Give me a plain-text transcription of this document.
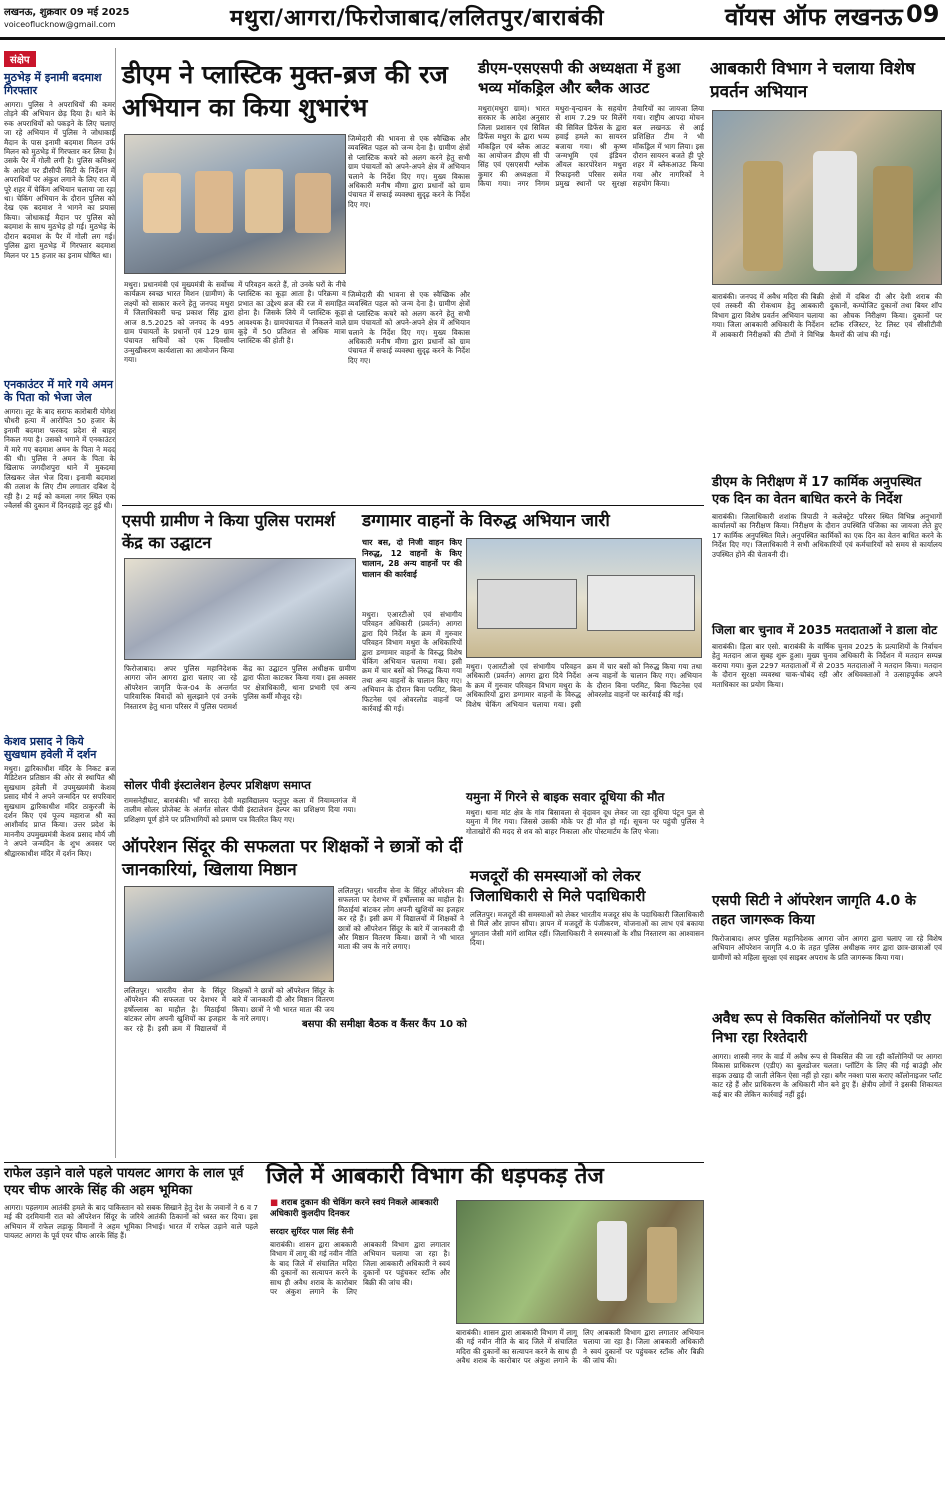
लखनऊ, शुक्रवार 09 मई 2025
voiceoflucknow@gmail.com	मथुरा/आगरा/फिरोजाबाद/ललितपुर/बाराबंकी	वॉयस ऑफ लखनऊ 09
संक्षेप
मुठभेड़ में इनामी बदमाश गिरफ्तार
आगरा। पुलिस ने अपराधियों की कमर तोड़ने की अभियान छेड़ दिया है। थाने के रुक अपराधियों को पकड़ने के लिए चलाए जा रहे अभियान में पुलिस ने जोधाकाई मैदान के पास इनामी बदमाश मिलन उर्फ मिलन को मुठभेड़ में गिरफ्तार कर लिया है। उसके पैर में गोली लगी है। पुलिस कमिश्नर के आदेश पर डीसीपी सिटी के निर्देशन में अपराधियों पर अंकुश लगाने के लिए रात में पूरे शहर में चेकिंग अभियान चलाया जा रहा था। चेकिंग अभियान के दौरान पुलिस को देख एक बदमाश ने भागने का प्रयास किया। जोधाकाई मैदान पर पुलिस को बदमाश के साथ मुठभेड़ हो गई। मुठभेड़ के दौरान बदमाश के पैर में गोली लग गई। पुलिस द्वारा मुठभेड़ में गिरफ्तार बदमाश मिलन पर 15 हजार का इनाम घोषित था।
एनकाउंटर में मारे गये अमन के पिता को भेजा जेल
आगरा। लूट के बाद सराफ कारोबारी योगेश चौधरी हत्या में आरोपित 50 हजार के इनामी बदमाश फरकद प्रदेश से बाहर निकल गया है। उसको भगाने में एनकाउंटर में मारे गए बदमाश अमन के पिता ने मदद की थी। पुलिस ने अमन के पिता के खिलाफ जगदीशपुरा थाने में मुकदमा लिखकर जेल भेज दिया। इनामी बदमाश की तलाश के लिए टीम लगातार दबिश दे रही है। 2 मई को कमला नगर स्थित एक ज्वैलर्स की दुकान में दिनदहाड़े लूट हुई थी।
केशव प्रसाद ने किये सुखधाम हवेली में दर्शन
मथुरा। द्वारिकाधीश मंदिर के निकट ब्रज मैडिटेशन प्रतिष्ठान की ओर से स्थापित श्री सुखधाम हवेली में उपमुख्यमंत्री केशव प्रसाद मौर्य ने अपने जन्मदिन पर सपरिवार सुखधाम द्वारिकाधीश मंदिर ठाकुरजी के दर्शन किए एवं पूज्य महाराज श्री का आशीर्वाद प्राप्त किया। उत्तर प्रदेश के माननीय उपमुख्यमंत्री केशव प्रसाद मौर्य जी ने अपने जन्मदिन के शुभ अवसर पर श्रीद्वारकाधीश मंदिर में दर्शन किए।
डीएम ने प्लास्टिक मुक्त-ब्रज की रज अभियान का किया शुभारंभ
जिम्मेदारी की भावना से एक स्वैच्छिक और व्यवस्थित पहल को जन्म देना है। ग्रामीण क्षेत्रों से प्लास्टिक कचरे को अलग करने हेतु सभी ग्राम पंचायतों को अपने-अपने क्षेत्र में अभियान चलाने के निर्देश दिए गए। मुख्य विकास अधिकारी मनीष मीणा द्वारा प्रधानों को ग्राम पंचायत में सफाई व्यवस्था सुदृढ़ करने के निर्देश दिए गए।
मथुरा। प्रधानमंत्री एवं मुख्यमंत्री के सर्वोच्च कार्यक्रम स्वच्छ भारत मिशन (ग्रामीण) के लक्ष्यों को साकार करने हेतु जनपद मथुरा में जिलाधिकारी चन्द्र प्रकाश सिंह द्वारा आज 8.5.2025 को जनपद के 495 ग्राम पंचायतों के प्रधानों एवं 129 ग्राम पंचायत सचिवों को एक दिवसीय उन्मुखीकरण कार्यशाला का आयोजन किया गया।
में परिवहन करते हैं, तो उनके घरों के नीचे प्लास्टिक का कूड़ा आता है। परिक्रमा व प्रभात का उद्देश्य ब्रज की रज में समाहित होना है। जिसके लिये में प्लास्टिक कूड़ा आवश्यक है। ग्रामपंचायत में निकलने वाले कूड़े में 50 प्रतिशत से अधिक मात्रा प्लास्टिक की होती है।
जिम्मेदारी की भावना से एक स्वैच्छिक और व्यवस्थित पहल को जन्म देना है। ग्रामीण क्षेत्रों से प्लास्टिक कचरे को अलग करने हेतु सभी ग्राम पंचायतों को अपने-अपने क्षेत्र में अभियान चलाने के निर्देश दिए गए। मुख्य विकास अधिकारी मनीष मीणा द्वारा प्रधानों को ग्राम पंचायत में सफाई व्यवस्था सुदृढ़ करने के निर्देश दिए गए।
डीएम-एसएसपी की अध्यक्षता में हुआ भव्य मॉकड्रिल और ब्लैक आउट
मथुरा(मथुरा ग्राम)। भारत सरकार के आदेश अनुसार जिला प्रशासन एवं सिविल डिफेंस मथुरा के द्वारा भव्य मॉकड्रिल एवं ब्लैक आउट का आयोजन डीएम सी पी सिंह एवं एसएसपी श्लोक कुमार की अध्यक्षता में किया गया। नगर निगम मथुरा-वृन्दावन के सहयोग से शाम 7.29 पर मिलेंगे की सिविल डिफेंस के द्वारा हवाई हमले का सायरन बजाया गया। श्री कृष्ण जन्मभूमि एवं इंडियन ऑयल कारपोरेशन मथुरा रिफाइनरी परिसर समेत प्रमुख स्थानों पर सुरक्षा तैयारियों का जायजा लिया गया। राष्ट्रीय आपदा मोचन बल लखनऊ से आई प्रशिक्षित टीम ने भी मॉकड्रिल में भाग लिया। इस दौरान सायरन बजते ही पूरे शहर में ब्लैकआउट किया गया और नागरिकों ने सहयोग किया।
आबकारी विभाग ने चलाया विशेष प्रवर्तन अभियान
बाराबंकी। जनपद में अवैध मदिरा की बिक्री एवं तस्करी की रोकथाम हेतु आबकारी विभाग द्वारा विशेष प्रवर्तन अभियान चलाया गया। जिला आबकारी अधिकारी के निर्देशन में आबकारी निरीक्षकों की टीमों ने विभिन्न क्षेत्रों में दबिश दी और देशी शराब की दुकानों, कम्पोजिट दुकानों तथा बियर शॉप का औचक निरीक्षण किया। दुकानों पर स्टॉक रजिस्टर, रेट लिस्ट एवं सीसीटीवी कैमरों की जांच की गई।
डीएम के निरीक्षण में 17 कार्मिक अनुपस्थित एक दिन का वेतन बाधित करने के निर्देश
बाराबंकी। जिलाधिकारी शशांक त्रिपाठी ने कलेक्ट्रेट परिसर स्थित विभिन्न अनुभागों कार्यालयों का निरीक्षण किया। निरीक्षण के दौरान उपस्थिति पंजिका का जायजा लेते हुए 17 कार्मिक अनुपस्थित मिले। अनुपस्थित कार्मिकों का एक दिन का वेतन बाधित करने के निर्देश दिए गए। जिलाधिकारी ने सभी अधिकारियों एवं कर्मचारियों को समय से कार्यालय उपस्थित होने की चेतावनी दी।
जिला बार चुनाव में 2035 मतदाताओं ने डाला वोट
बाराबंकी। ड़िला बार एसो. बाराबंकी के वार्षिक चुनाव 2025 के प्रत्याशियों के निर्वाचन हेतु मतदान आज सुबह शुरू हुआ। मुख्य चुनाव अधिकारी के निर्देशन में मतदान सम्पन्न कराया गया। कुल 2297 मतदाताओं में से 2035 मतदाताओं ने मतदान किया। मतदान के दौरान सुरक्षा व्यवस्था चाक-चौबंद रही और अधिवक्ताओं ने उत्साहपूर्वक अपने मताधिकार का प्रयोग किया।
एसपी सिटी ने ऑपरेशन जागृति 4.0 के तहत जागरूक किया
फिरोजाबाद। अपर पुलिस महानिदेशक आगरा जोन आगरा द्वारा चलाए जा रहे विशेष अभियान ऑपरेशन जागृति 4.0 के तहत पुलिस अधीक्षक नगर द्वारा छात्र-छात्राओं एवं ग्रामीणों को महिला सुरक्षा एवं साइबर अपराध के प्रति जागरूक किया गया।
अवैध रूप से विकसित कॉलोनियों पर एडीए निभा रहा रिश्तेदारी
आगरा। शास्त्री नगर के वार्ड में अवैध रूप से विकसित की जा रही कॉलोनियों पर आगरा विकास प्राधिकरण (एडीए) का बुलडोजर चलता। प्लॉटिंग के लिए की गई बाउंड्री और सड़क उखाड़ दी जाती लेकिन ऐसा नहीं हो रहा। बगैर नक्शा पास कराए कॉलोनाइजर प्लॉट काट रहे हैं और प्राधिकरण के अधिकारी मौन बने हुए हैं। क्षेत्रीय लोगों ने इसकी शिकायत कई बार की लेकिन कार्रवाई नहीं हुई।
एसपी ग्रामीण ने किया पुलिस परामर्श केंद्र का उद्घाटन
फिरोजाबाद। अपर पुलिस महानिदेशक आगरा जोन आगरा द्वारा चलाए जा रहे ऑपरेशन जागृति फेज-04 के अन्तर्गत पारिवारिक विवादों को सुलझाने एवं उनके निस्तारण हेतु थाना परिसर में पुलिस परामर्श केंद्र का उद्घाटन पुलिस अधीक्षक ग्रामीण द्वारा फीता काटकर किया गया। इस अवसर पर क्षेत्राधिकारी, थाना प्रभारी एवं अन्य पुलिस कर्मी मौजूद रहे।
सोलर पीवी इंस्टालेशन हेल्पर प्रशिक्षण समाप्त
रामसनेहीघाट, बाराबंकी। भाँ सारदा देवी महाविद्यालय फतुपुर कला में नियामतगंज में तालीम सोलर प्रोजेक्ट के अंतर्गत सोलर पीवी इंस्टालेशन हेल्पर का प्रशिक्षण दिया गया। प्रशिक्षण पूर्ण होने पर प्रतिभागियों को प्रमाण पत्र वितरित किए गए।
डग्गामार वाहनों के विरुद्ध अभियान जारी
चार बस, दो निजी वाहन किए निरुद्ध, 12 वाहनों के किए चालान, 28 अन्य वाहनों पर की चालान की कार्रवाई
मथुरा। एआरटीओ एवं संभागीय परिवहन अधिकारी (प्रवर्तन) आगरा द्वारा दिये निर्देश के क्रम में गुरुवार परिवहन विभाग मथुरा के अधिकारियों द्वारा डग्गामार वाहनों के विरुद्ध विशेष चेकिंग अभियान चलाया गया। इसी क्रम में चार बसों को निरुद्ध किया गया तथा अन्य वाहनों के चालान किए गए। अभियान के दौरान बिना परमिट, बिना फिटनेस एवं ओवरलोड वाहनों पर कार्रवाई की गई।
मथुरा। एआरटीओ एवं संभागीय परिवहन अधिकारी (प्रवर्तन) आगरा द्वारा दिये निर्देश के क्रम में गुरुवार परिवहन विभाग मथुरा के अधिकारियों द्वारा डग्गामार वाहनों के विरुद्ध विशेष चेकिंग अभियान चलाया गया। इसी क्रम में चार बसों को निरुद्ध किया गया तथा अन्य वाहनों के चालान किए गए। अभियान के दौरान बिना परमिट, बिना फिटनेस एवं ओवरलोड वाहनों पर कार्रवाई की गई।
यमुना में गिरने से बाइक सवार दूधिया की मौत
मथुरा। थाना मांट क्षेत्र के गांव बिसावला से वृंदावन दूध लेकर जा रहा दूधिया पंटून पुल से यमुना में गिर गया। जिससे उसकी मौके पर ही मौत हो गई। सूचना पर पहुंची पुलिस ने गोताखोरों की मदद से शव को बाहर निकाला और पोस्टमार्टम के लिए भेजा।
ऑपरेशन सिंदूर की सफलता पर शिक्षकों ने छात्रों को दीं जानकारियां, खिलाया मिष्ठान
ललितपुर। भारतीय सेना के सिंदूर ऑपरेशन की सफलता पर देशभर में हर्षोल्लास का माहौल है। मिठाईयां बांटकर लोग अपनी खुशियों का इजहार कर रहे हैं। इसी क्रम में विद्यालयों में शिक्षकों ने छात्रों को ऑपरेशन सिंदूर के बारे में जानकारी दी और मिष्ठान वितरण किया। छात्रों ने भी भारत माता की जय के नारे लगाए।
ललितपुर। भारतीय सेना के सिंदूर ऑपरेशन की सफलता पर देशभर में हर्षोल्लास का माहौल है। मिठाईयां बांटकर लोग अपनी खुशियों का इजहार कर रहे हैं। इसी क्रम में विद्यालयों में शिक्षकों ने छात्रों को ऑपरेशन सिंदूर के बारे में जानकारी दी और मिष्ठान वितरण किया। छात्रों ने भी भारत माता की जय के नारे लगाए।
मजदूरों की समस्याओं को लेकर जिलाधिकारी से मिले पदाधिकारी
ललितपुर। मजदूरों की समस्याओं को लेकर भारतीय मजदूर संघ के पदाधिकारी जिलाधिकारी से मिले और ज्ञापन सौंपा। ज्ञापन में मजदूरों के पंजीकरण, योजनाओं का लाभ एवं बकाया भुगतान जैसी मांगें शामिल रहीं। जिलाधिकारी ने समस्याओं के शीघ्र निस्तारण का आश्वासन दिया।
बसपा की समीक्षा बैठक व कैंसर कैंप 10 को
राफेल उड़ाने वाले पहले पायलट आगरा के लाल पूर्व एयर चीफ आरके सिंह की अहम भूमिका
आगरा। पहलगाम आतंकी हमले के बाद पाकिस्तान को सबक सिखाने हेतु देश के जवानों ने 6 व 7 मई की दरमियानी रात को ऑपरेशन सिंदूर के जरिये आतंकी ठिकानों को ध्वस्त कर दिया। इस अभियान में राफेल लड़ाकू विमानों ने अहम भूमिका निभाई। भारत में राफेल उड़ाने वाले पहले पायलट आगरा के पूर्व एयर चीफ आरके सिंह हैं।
जिले में आबकारी विभाग की धड़पकड़ तेज
■ शराब दुकान की चेकिंग करने स्वयं निकले आबकारी अधिकारी कुलदीप दिनकर
सरदार सुरिंदर पाल सिंह सैनी
बाराबंकी। शासन द्वारा आबकारी विभाग में लागू की गई नवीन नीति के बाद जिले में संचालित मदिरा की दुकानों का सत्यापन करने के साथ ही अवैध शराब के कारोबार पर अंकुश लगाने के लिए आबकारी विभाग द्वारा लगातार अभियान चलाया जा रहा है। जिला आबकारी अधिकारी ने स्वयं दुकानों पर पहुंचकर स्टॉक और बिक्री की जांच की।
बाराबंकी। शासन द्वारा आबकारी विभाग में लागू की गई नवीन नीति के बाद जिले में संचालित मदिरा की दुकानों का सत्यापन करने के साथ ही अवैध शराब के कारोबार पर अंकुश लगाने के लिए आबकारी विभाग द्वारा लगातार अभियान चलाया जा रहा है। जिला आबकारी अधिकारी ने स्वयं दुकानों पर पहुंचकर स्टॉक और बिक्री की जांच की।
